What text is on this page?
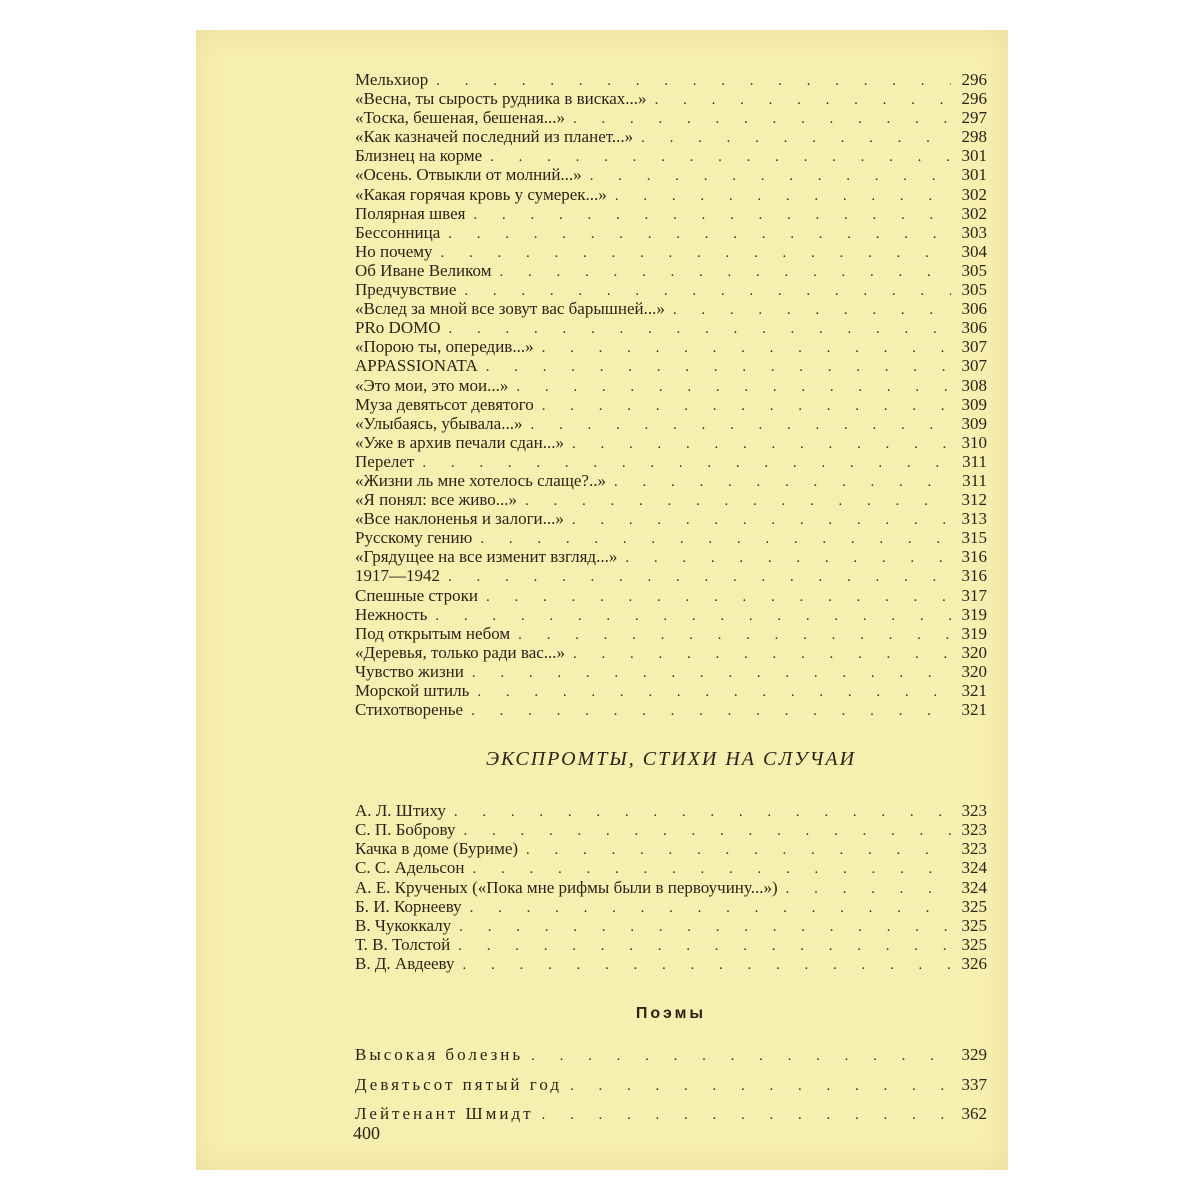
Мельхиор . . .	296
«Весна, ты сырость рудника в висках...» . . .	296
«Тоска, бешеная, бешеная...» . . .	297
«Как казначей последний из планет...» . . .	298
Близнец на корме . . .	301
«Осень. Отвыкли от молний...» . . .	301
«Какая горячая кровь у сумерек...» . . .	302
Полярная швея . . .	302
Бессонница . . .	303
Но почему . . .	304
Об Иване Великом . . .	305
Предчувствие . . .	305
«Вслед за мной все зовут вас барышней...» . . .	306
PRo DOMO . . .	306
«Порою ты, опередив...» . . .	307
APPASSIONATA . . .	307
«Это мои, это мои...» . . .	308
Муза девятьсот девятого . . .	309
«Улыбаясь, убывала...» . . .	309
«Уже в архив печали сдан...» . . .	310
Перелет . . .	311
«Жизни ль мне хотелось слаще?..» . . .	311
«Я понял: все живо...» . . .	312
«Все наклоненья и залоги...» . . .	313
Русскому гению . . .	315
«Грядущее на все изменит взгляд...» . . .	316
1917—1942 . . .	316
Спешные строки . . .	317
Нежность . . .	319
Под открытым небом . . .	319
«Деревья, только ради вас...» . . .	320
Чувство жизни . . .	320
Морской штиль . . .	321
Стихотворенье . . .	321
ЭКСПРОМТЫ, СТИХИ НА СЛУЧАИ
А. Л. Штиху . . .	323
С. П. Боброву . . .	323
Качка в доме (Буриме) . . .	323
С. С. Адельсон . . .	324
А. Е. Крученых («Пока мне рифмы были в первоучину...») . . .	324
Б. И. Корнееву . . .	325
В. Чукоккалу . . .	325
Т. В. Толстой . . .	325
В. Д. Авдееву . . .	326
Поэмы
Высокая болезнь . . .	329
Девятьсот пятый год . . .	337
Лейтенант Шмидт . . .	362
400
